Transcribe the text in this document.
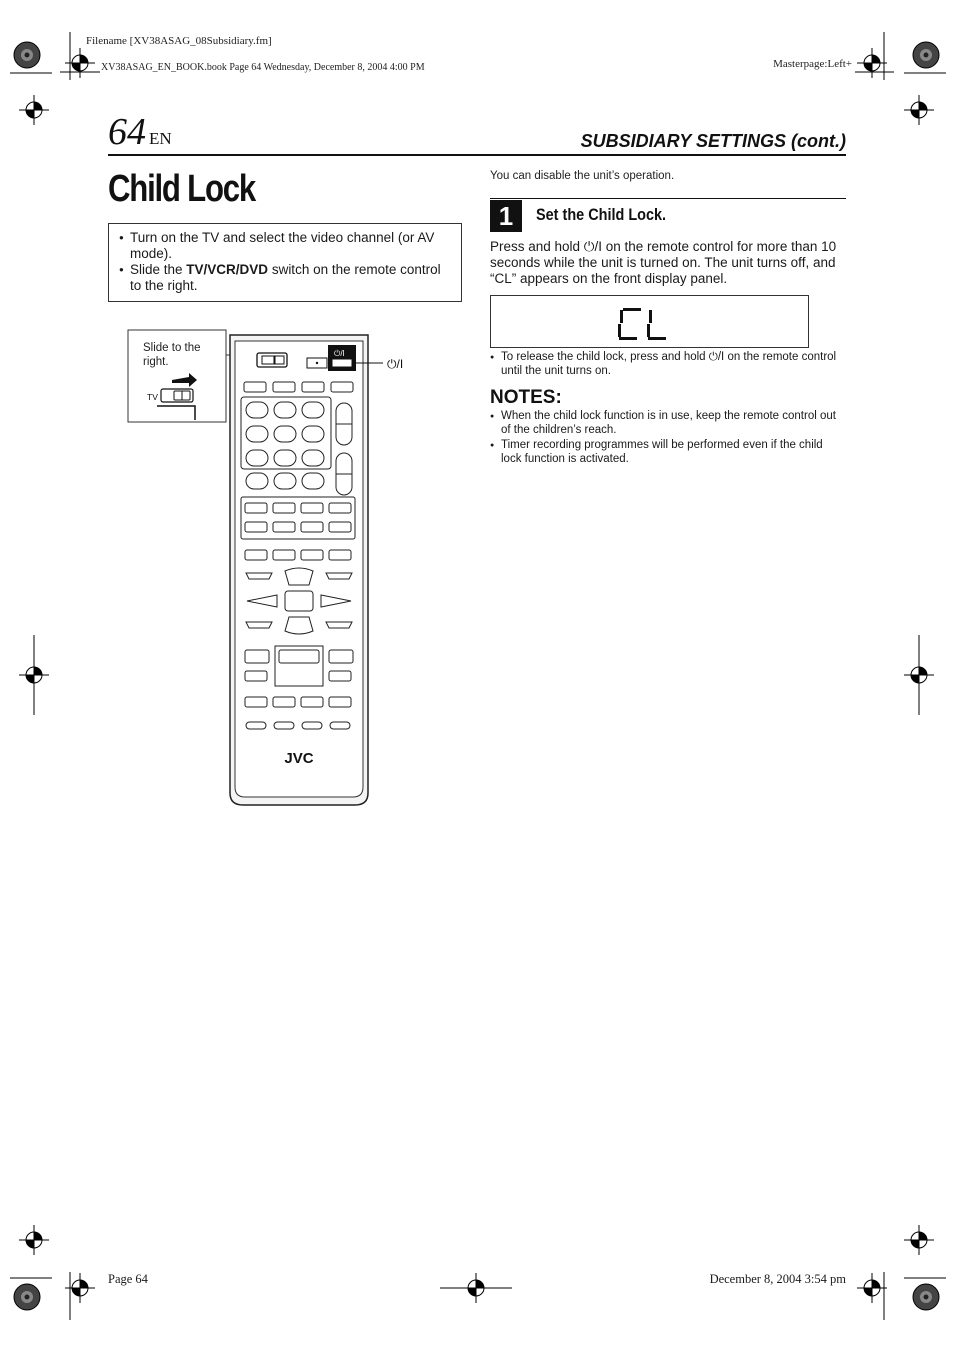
Filename [XV38ASAG_08Subsidiary.fm]
XV38ASAG_EN_BOOK.book Page 64 Wednesday, December 8, 2004 4:00 PM	Masterpage:Left+
64 EN	SUBSIDIARY SETTINGS (cont.)
Child Lock
●
Turn on the TV and select the video channel (or AV mode).
●
Slide the TV/VCR/DVD switch on the remote control to the right.
Slide to the
right.
TV
⏻/I
⏻/I
JVC
You can disable the unit’s operation.
1	Set the Child Lock.
Press and hold ⏻/I on the remote control for more than 10 seconds while the unit is turned on. The unit turns off, and “CL” appears on the front display panel.
●
To release the child lock, press and hold ⏻/I on the remote control until the unit turns on.
NOTES:
●
When the child lock function is in use, keep the remote control out of the children’s reach.
●
Timer recording programmes will be performed even if the child lock function is activated.
Page 64	December 8, 2004 3:54 pm
